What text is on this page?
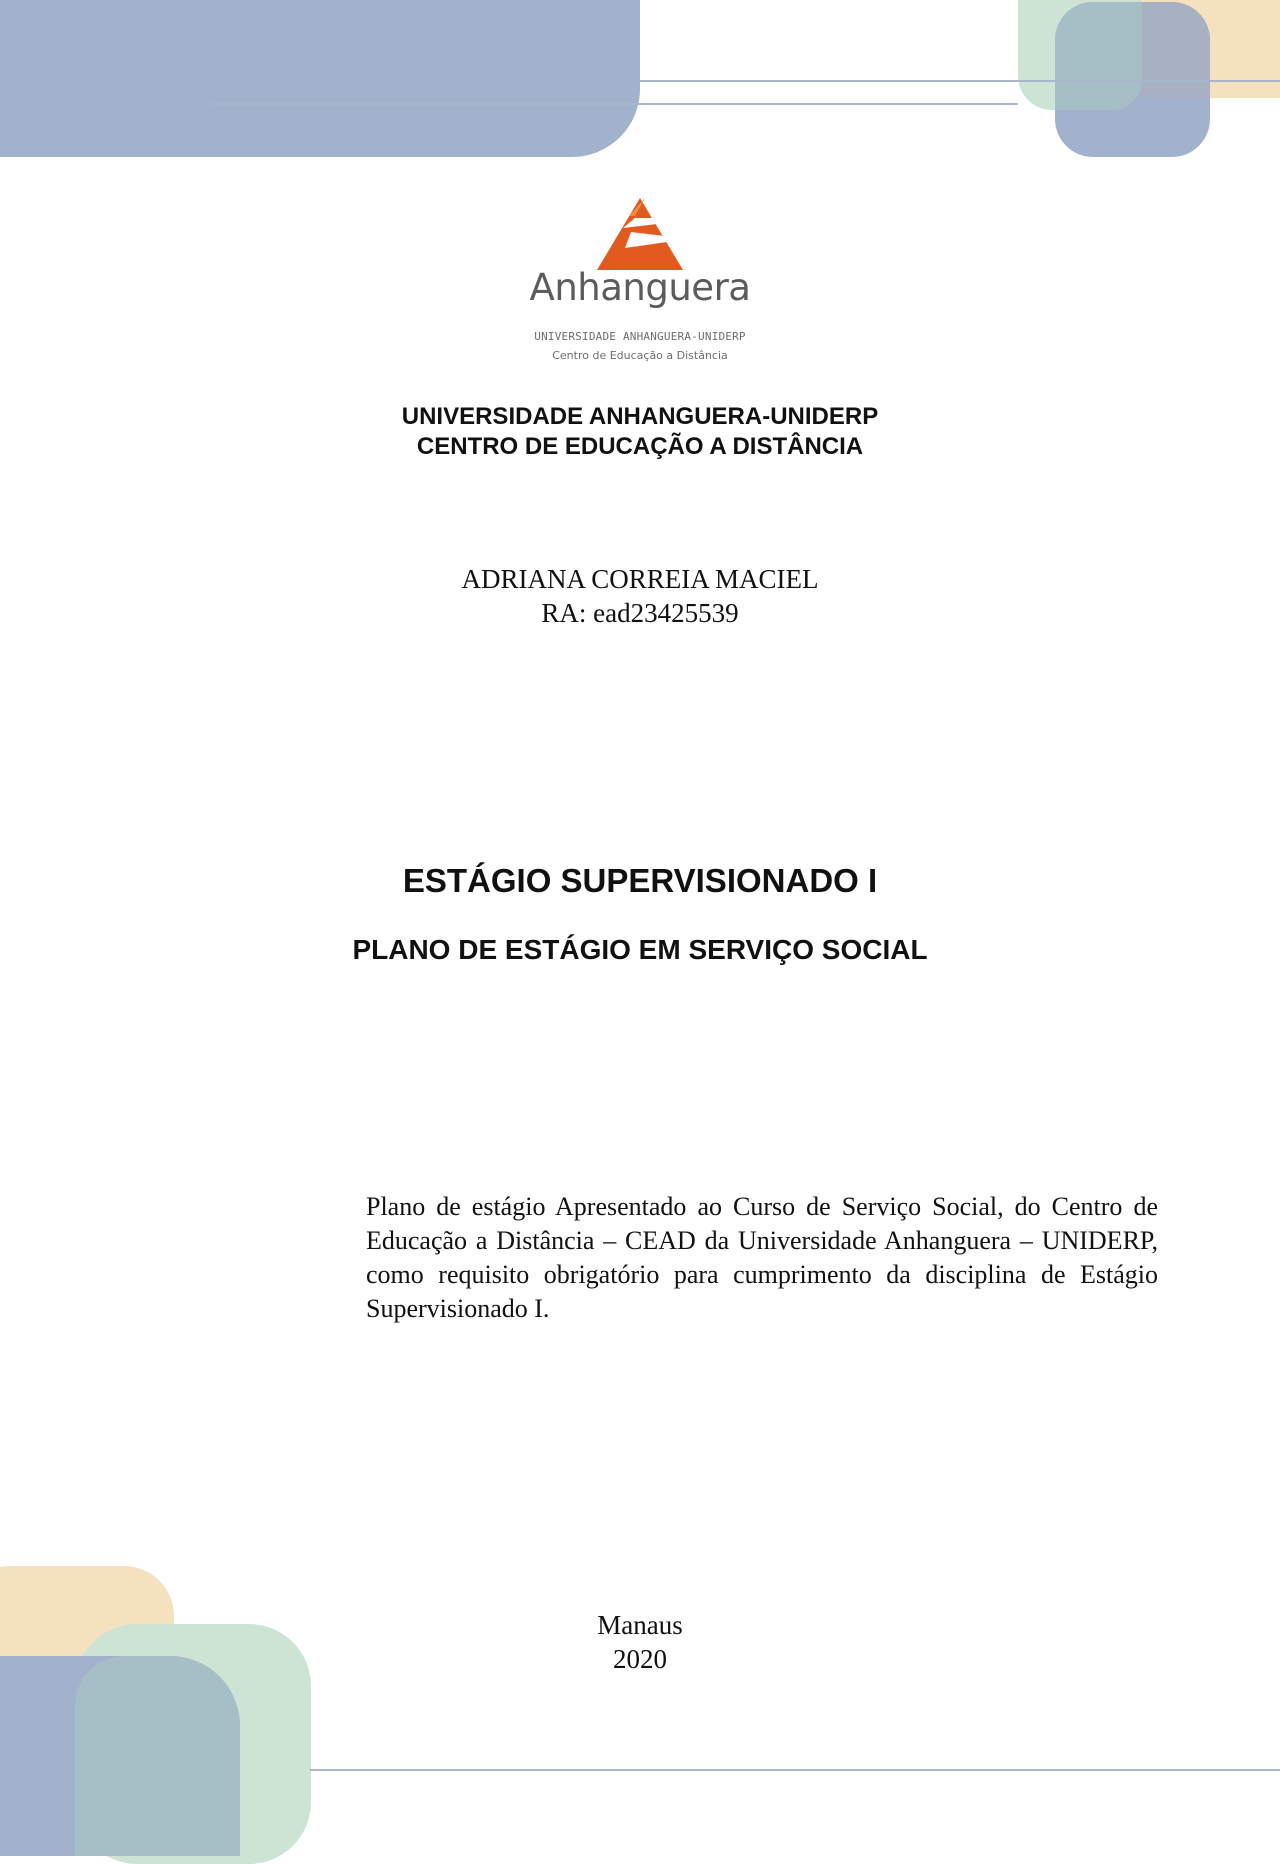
Anhanguera
UNIVERSIDADE ANHANGUERA-UNIDERP
Centro de Educação a Distância
UNIVERSIDADE ANHANGUERA-UNIDERP
CENTRO DE EDUCAÇÃO A DISTÂNCIA
ADRIANA CORREIA MACIEL
RA: ead23425539
ESTÁGIO SUPERVISIONADO I
PLANO DE ESTÁGIO EM SERVIÇO SOCIAL
Plano de estágio Apresentado ao Curso de Serviço Social, do Centro de Educação a Distância – CEAD da Universidade Anhanguera – UNIDERP, como requisito obrigatório para cumprimento da disciplina de Estágio Supervisionado I.
Manaus
2020
